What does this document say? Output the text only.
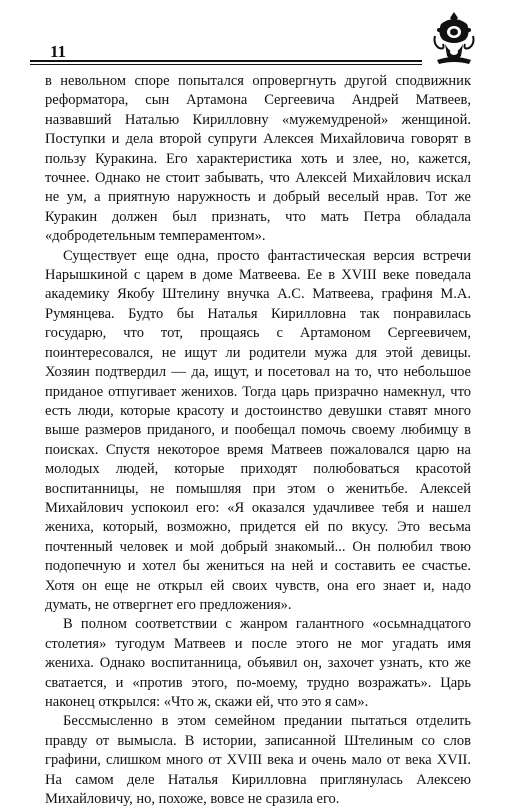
11

в невольном споре попытался опровергнуть другой сподвижник реформатора, сын Артамона Сергеевича Андрей Матвеев, назвавший Наталью Кирилловну «мужемудреной» женщиной. Поступки и дела второй супруги Алексея Михайловича говорят в пользу Куракина. Его характеристика хоть и злее, но, кажется, точнее. Однако не стоит забывать, что Алексей Михайлович искал не ум, а приятную наружность и добрый веселый нрав. Тот же Куракин должен был признать, что мать Петра обладала «добродетельным темпераментом».

Существует еще одна, просто фантастическая версия встречи Нарышкиной с царем в доме Матвеева. Ее в XVIII веке поведала академику Якобу Штелину внучка А.С. Матвеева, графиня М.А. Румянцева. Будто бы Наталья Кирилловна так понравилась государю, что тот, прощаясь с Артамоном Сергеевичем, поинтересовался, не ищут ли родители мужа для этой девицы. Хозяин подтвердил — да, ищут, и посетовал на то, что небольшое приданое отпугивает женихов. Тогда царь призрачно намекнул, что есть люди, которые красоту и достоинство девушки ставят много выше размеров приданого, и пообещал помочь своему любимцу в поисках. Спустя некоторое время Матвеев пожаловался царю на молодых людей, которые приходят полюбоваться красотой воспитанницы, не помышляя при этом о женитьбе. Алексей Михайлович успокоил его: «Я оказался удачливее тебя и нашел жениха, который, возможно, придется ей по вкусу. Это весьма почтенный человек и мой добрый знакомый... Он полюбил твою подопечную и хотел бы жениться на ней и составить ее счастье. Хотя он еще не открыл ей своих чувств, она его знает и, надо думать, не отвергнет его предложения».

В полном соответствии с жанром галантного «осьмнадцатого столетия» тугодум Матвеев и после этого не мог угадать имя жениха. Однако воспитанница, объявил он, захочет узнать, кто же сватается, и «против этого, по-моему, трудно возражать». Царь наконец открылся: «Что ж, скажи ей, что это я сам».

Бессмысленно в этом семейном предании пытаться отделить правду от вымысла. В истории, записанной Штелиным со слов графини, слишком много от XVIII века и очень мало от века XVII. На самом деле Наталья Кирилловна приглянулась Алексею Михайловичу, но, похоже, вовсе не сразила его.
